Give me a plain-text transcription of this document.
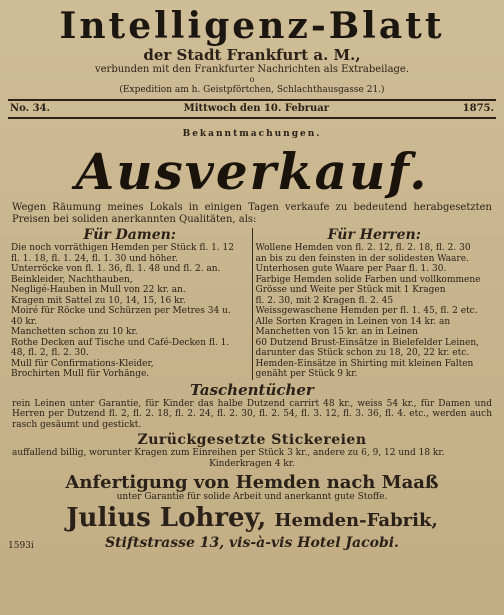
Intelligenz-Blatt
der Stadt Frankfurt a. M.,
verbunden mit den Frankfurter Nachrichten als Extrabeilage.
o
(Expedition am h. Geistpförtchen, Schlachthausgasse 21.)
No. 34.	Mittwoch den 10. Februar	1875.
Bekanntmachungen.
Ausverkauf.
Wegen Räumung meines Lokals in einigen Tagen verkaufe zu bedeutend herabgesetzten Preisen bei soliden anerkannten Qualitäten, als:
Für Damen:
Die noch vorräthigen Hemden per Stück fl. 1. 12
fl. 1. 18, fl. 1. 24, fl. 1. 30 und höher.
Unterröcke von fl. 1. 36, fl. 1. 48 und fl. 2. an.
Beinkleider, Nachthauben,
Negligé-Hauben in Mull von 22 kr. an.
Kragen mit Sattel zu 10, 14, 15, 16 kr.
Moiré für Röcke und Schürzen per Metres 34 u.
40 kr.
Manchetten schon zu 10 kr.
Rothe Decken auf Tische und Café-Decken fl. 1.
48, fl. 2, fl. 2. 30.
Mull für Confirmations-Kleider,
Brochirten Mull für Vorhänge.
Für Herren:
Wollene Hemden von fl. 2. 12, fl. 2. 18, fl. 2. 30
an bis zu den feinsten in der solidesten Waare.
Unterhosen gute Waare per Paar fl. 1. 30.
Farbige Hemden solide Farben und vollkommene
Grösse und Weite per Stück mit 1 Kragen
fl. 2. 30, mit 2 Kragen fl. 2. 45
Weissgewaschene Hemden per fl. 1. 45, fl. 2 etc.
Alle Sorten Kragen in Leinen von 14 kr. an
Manchetten von 15 kr. an in Leinen
60 Dutzend Brust-Einsätze in Bielefelder Leinen,
darunter das Stück schon zu 18, 20, 22 kr. etc.
Hemden-Einsätze in Shirting mit kleinen Falten
genäht per Stück 9 kr.
Taschentücher
rein Leinen unter Garantie, für Kinder das halbe Dutzend carrirt 48 kr., weiss 54 kr., für Damen und Herren per Dutzend fl. 2, fl. 2. 18, fl. 2. 24, fl. 2. 30, fl. 2. 54, fl. 3. 12, fl. 3. 36, fl. 4. etc., werden auch rasch gesäumt und gestickt.
Zurückgesetzte Stickereien
auffallend billig, worunter Kragen zum Einreihen per Stück 3 kr., andere zu 6, 9, 12 und 18 kr.
Kinderkragen 4 kr.
Anfertigung von Hemden nach Maaß
unter Garantie für solide Arbeit und anerkannt gute Stoffe.
Julius Lohrey, Hemden-Fabrik,
1593i	Stiftstrasse 13, vis-à-vis Hotel Jacobi.
